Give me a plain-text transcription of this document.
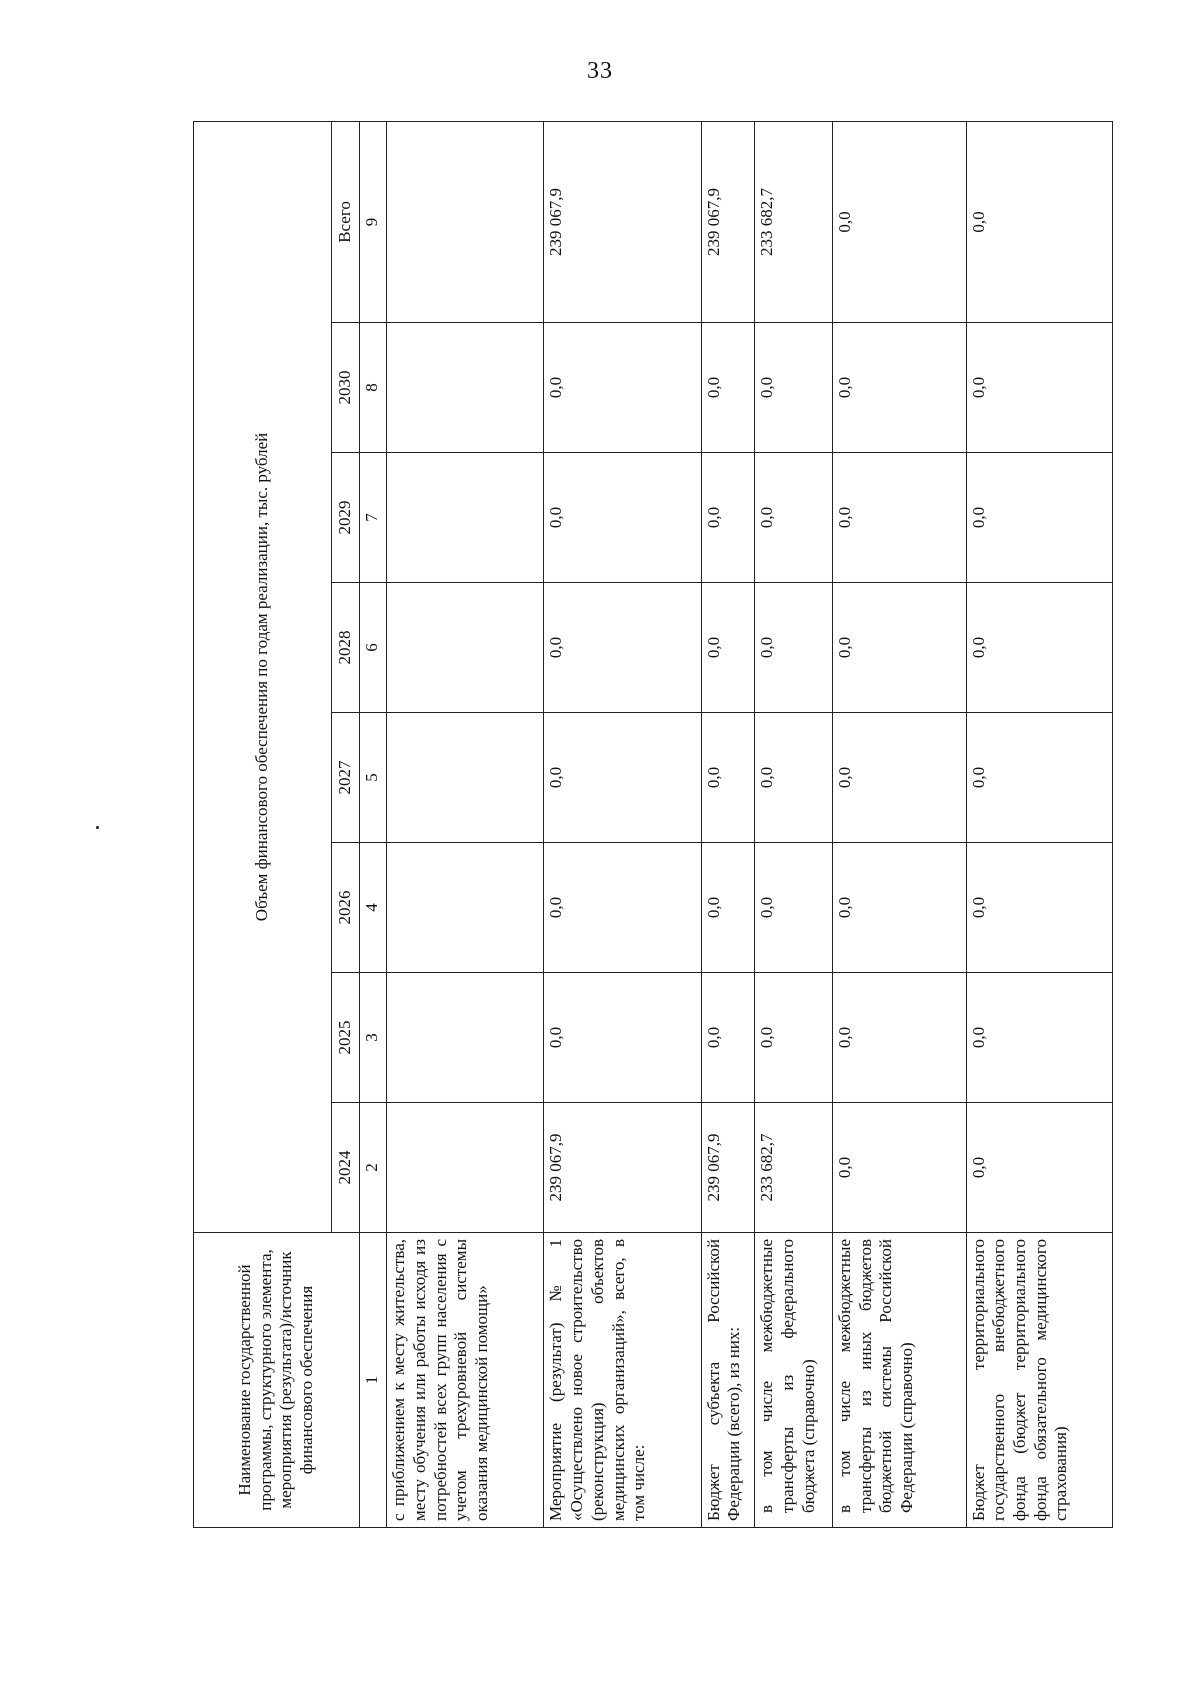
33
Наименование государственной программы, структурного элемента, мероприятия (результата)/источник финансового обеспечения	Объем финансового обеспечения по годам реализации, тыс. рублей							
	2024	2025	2026	2027	2028	2029	2030	Всего
1	2	3	4	5	6	7	8	9
с приближением к месту жительства, месту обучения или работы исходя из потребностей всех групп населения с учетом трехуровневой системы оказания медицинской помощи»								
Мероприятие (результат) № 1 «Осуществлено новое строительство (реконструкция) объектов медицинских организаций», всего, в том числе:	239 067,9	0,0	0,0	0,0	0,0	0,0	0,0	239 067,9
Бюджет субъекта Российской Федерации (всего), из них:	239 067,9	0,0	0,0	0,0	0,0	0,0	0,0	239 067,9
в том числе межбюджетные трансферты из федерального бюджета (справочно)	233 682,7	0,0	0,0	0,0	0,0	0,0	0,0	233 682,7
в том числе межбюджетные трансферты из иных бюджетов бюджетной системы Российской Федерации (справочно)	0,0	0,0	0,0	0,0	0,0	0,0	0,0	0,0
Бюджет территориального государственного внебюджетного фонда (бюджет территориального фонда обязательного медицинского страхования)	0,0	0,0	0,0	0,0	0,0	0,0	0,0	0,0
